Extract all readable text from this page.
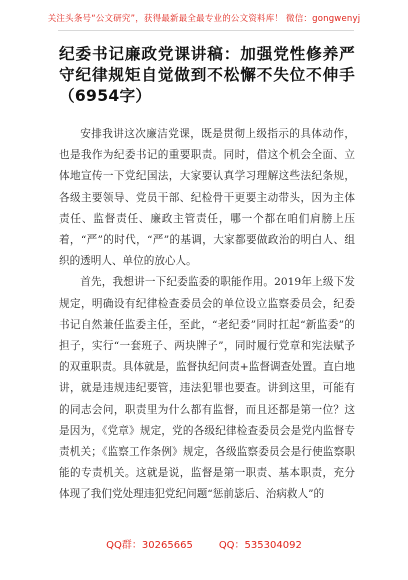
关注头条号“公文研究”，获得最新最全最专业的公文资料库！ 微信：gongwenyj
纪委书记廉政党课讲稿：加强党性修养严守纪律规矩自觉做到不松懈不失位不伸手（6954字）

安排我讲这次廉洁党课，既是贯彻上级指示的具体动作，也是我作为纪委书记的重要职责。同时，借这个机会全面、立体地宣传一下党纪国法，大家要认真学习理解这些法纪条规，各级主要领导、党员干部、纪检骨干更要主动带头，因为主体责任、监督责任、廉政主管责任，哪一个都在咱们肩膀上压着，“严”的时代，“严”的基调，大家都要做政治的明白人、组织的透明人、单位的放心人。

首先，我想讲一下纪委监委的职能作用。2019年上级下发规定，明确设有纪律检查委员会的单位设立监察委员会，纪委书记自然兼任监委主任，至此，“老纪委”同时扛起“新监委”的担子，实行“一套班子、两块牌子”，同时履行党章和宪法赋予的双重职责。具体就是，监督执纪问责+监督调查处置。直白地讲，就是违规违纪要管，违法犯罪也要查。讲到这里，可能有的同志会问，职责里为什么都有监督，而且还都是第一位？这是因为，《党章》规定，党的各级纪律检查委员会是党内监督专责机关；《监察工作条例》规定，各级监察委员会是行使监察职能的专责机关。这就是说，监督是第一职责、基本职责，充分体现了我们党处理违犯党纪问题“惩前毖后、治病救人”的

QQ群：30265665	QQ：535304092
